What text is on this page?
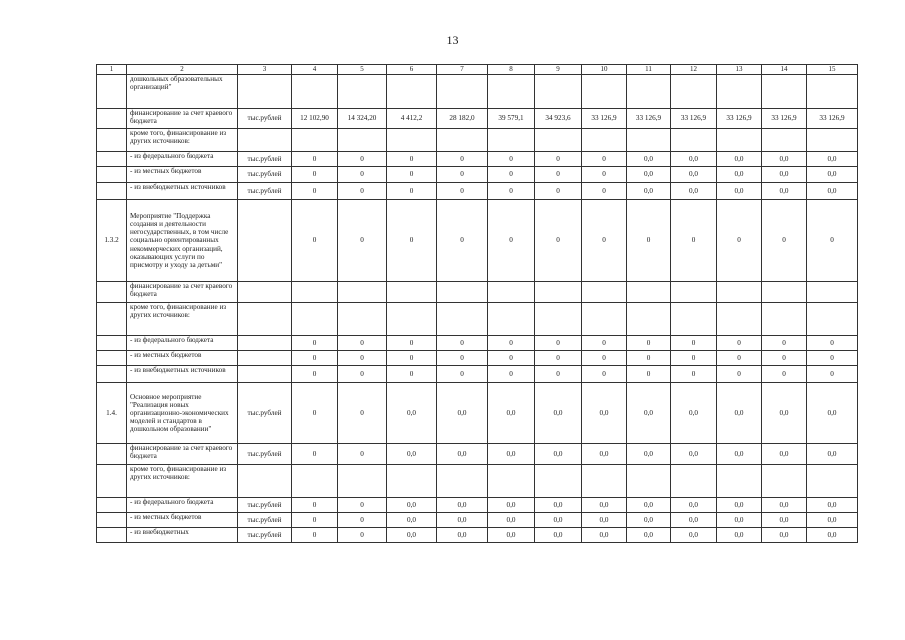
13
1	2	3	4	5	6	7	8	9	10	11	12	13	14	15
	дошкольных образовательных организаций"													
	финансирование за счет краевого бюджета	тыс.рублей	12 102,90	14 324,20	4 412,2	28 182,0	39 579,1	34 923,6	33 126,9	33 126,9	33 126,9	33 126,9	33 126,9	33 126,9
	кроме того, финансирование из других источников:													
	- из федерального бюджета	тыс.рублей	0	0	0	0	0	0	0	0,0	0,0	0,0	0,0	0,0
	- из местных бюджетов	тыс.рублей	0	0	0	0	0	0	0	0,0	0,0	0,0	0,0	0,0
	- из внебюджетных источников	тыс.рублей	0	0	0	0	0	0	0	0,0	0,0	0,0	0,0	0,0
1.3.2	Мероприятие "Поддержка создания и деятельности негосударственных, в том числе социально ориентированных некоммерческих организаций, оказывающих услуги по присмотру и уходу за детьми"		0	0	0	0	0	0	0	0	0	0	0	0
	финансирование за счет краевого бюджета													
	кроме того, финансирование из других источников:													
	- из федерального бюджета		0	0	0	0	0	0	0	0	0	0	0	0
	- из местных бюджетов		0	0	0	0	0	0	0	0	0	0	0	0
	- из внебюджетных источников		0	0	0	0	0	0	0	0	0	0	0	0
1.4.	Основное мероприятие "Реализация новых организационно-экономических моделей и стандартов в дошкольном образовании"	тыс.рублей	0	0	0,0	0,0	0,0	0,0	0,0	0,0	0,0	0,0	0,0	0,0
	финансирование за счет краевого бюджета	тыс.рублей	0	0	0,0	0,0	0,0	0,0	0,0	0,0	0,0	0,0	0,0	0,0
	кроме того, финансирование из других источников:													
	- из федерального бюджета	тыс.рублей	0	0	0,0	0,0	0,0	0,0	0,0	0,0	0,0	0,0	0,0	0,0
	- из местных бюджетов	тыс.рублей	0	0	0,0	0,0	0,0	0,0	0,0	0,0	0,0	0,0	0,0	0,0
	- из внебюджетных	тыс.рублей	0	0	0,0	0,0	0,0	0,0	0,0	0,0	0,0	0,0	0,0	0,0
